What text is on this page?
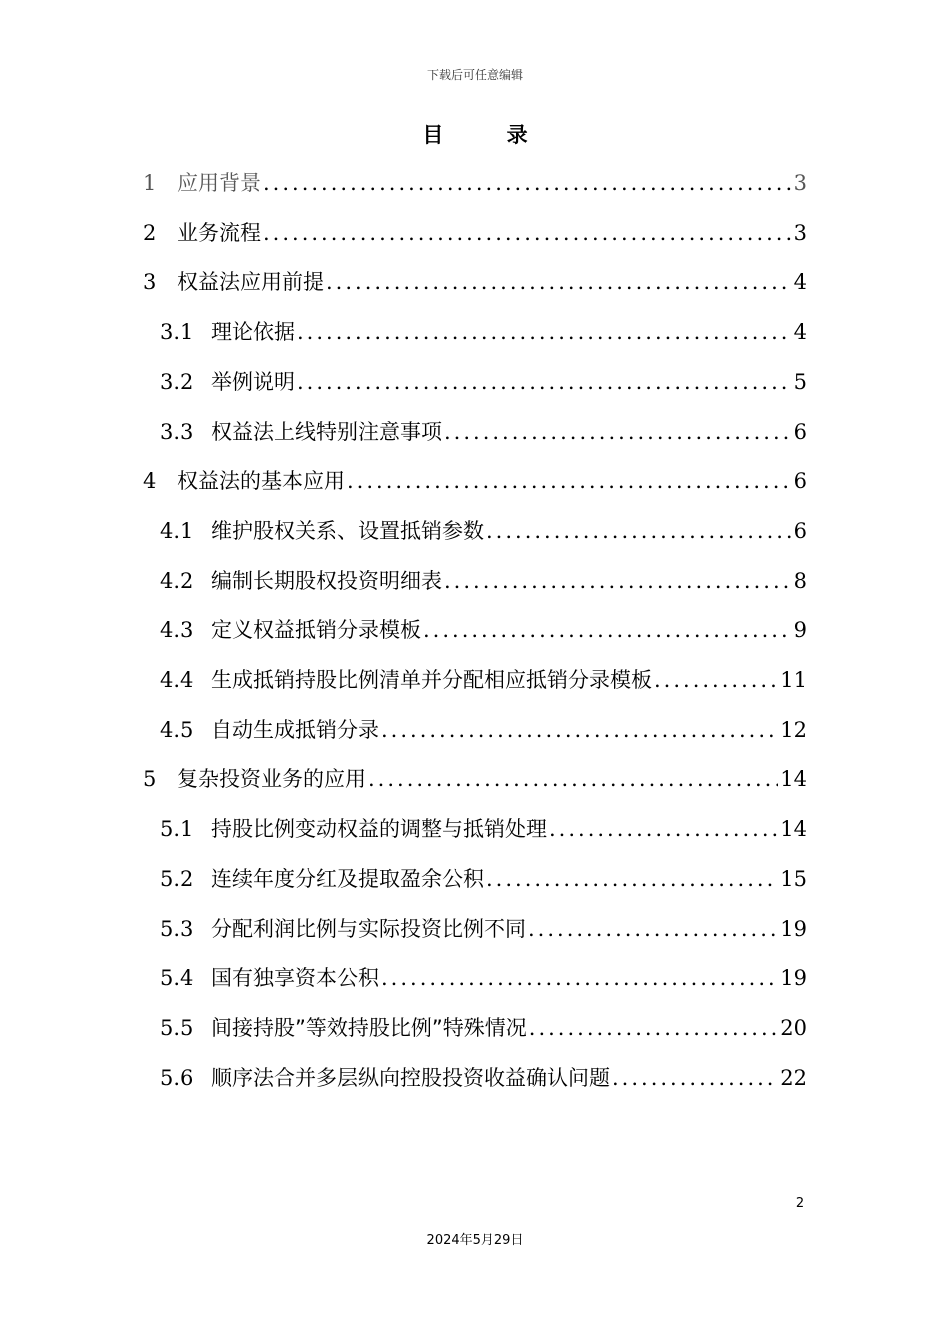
下载后可任意编辑
目 录
1 应用背景 .....	3
2 业务流程 .....	3
3 权益法应用前提 .....	4
3.1 理论依据 .....	4
3.2 举例说明 .....	5
3.3 权益法上线特别注意事项 .....	6
4 权益法的基本应用 .....	6
4.1 维护股权关系、设置抵销参数 .....	6
4.2 编制长期股权投资明细表 .....	8
4.3 定义权益抵销分录模板 .....	9
4.4 生成抵销持股比例清单并分配相应抵销分录模板 .....	11
4.5 自动生成抵销分录 .....	12
5 复杂投资业务的应用 .....	14
5.1 持股比例变动权益的调整与抵销处理 .....	14
5.2 连续年度分红及提取盈余公积 .....	15
5.3 分配利润比例与实际投资比例不同 .....	19
5.4 国有独享资本公积 .....	19
5.5 间接持股”等效持股比例”特殊情况 .....	20
5.6 顺序法合并多层纵向控股投资收益确认问题 .....	22
2
2024年5月29日
